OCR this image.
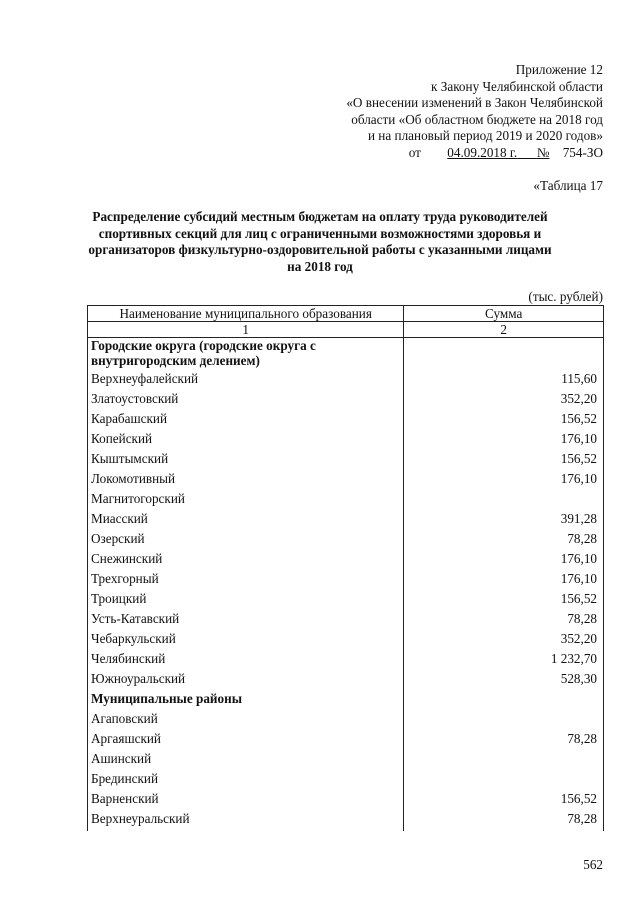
Приложение 12
к Закону Челябинской области
«О внесении изменений в Закон Челябинской
области «Об областном бюджете на 2018 год
и на плановый период 2019 и 2020 годов»
от 04.09.2018 г. № 754-ЗО
«Таблица 17
Распределение субсидий местным бюджетам на оплату труда руководителей спортивных секций для лиц с ограниченными возможностями здоровья и организаторов физкультурно-оздоровительной работы с указанными лицами на 2018 год
(тыс. рублей)
Наименование муниципального образования	Сумма
1	2
Городские округа (городские округа с внутригородским делением)	
Верхнеуфалейский	115,60
Златоустовский	352,20
Карабашский	156,52
Копейский	176,10
Кыштымский	156,52
Локомотивный	176,10
Магнитогорский	
Миасский	391,28
Озерский	78,28
Снежинский	176,10
Трехгорный	176,10
Троицкий	156,52
Усть-Катавский	78,28
Чебаркульский	352,20
Челябинский	1 232,70
Южноуральский	528,30
Муниципальные районы	
Агаповский	
Аргаяшский	78,28
Ашинский	
Брединский	
Варненский	156,52
Верхнеуральский	78,28
562
